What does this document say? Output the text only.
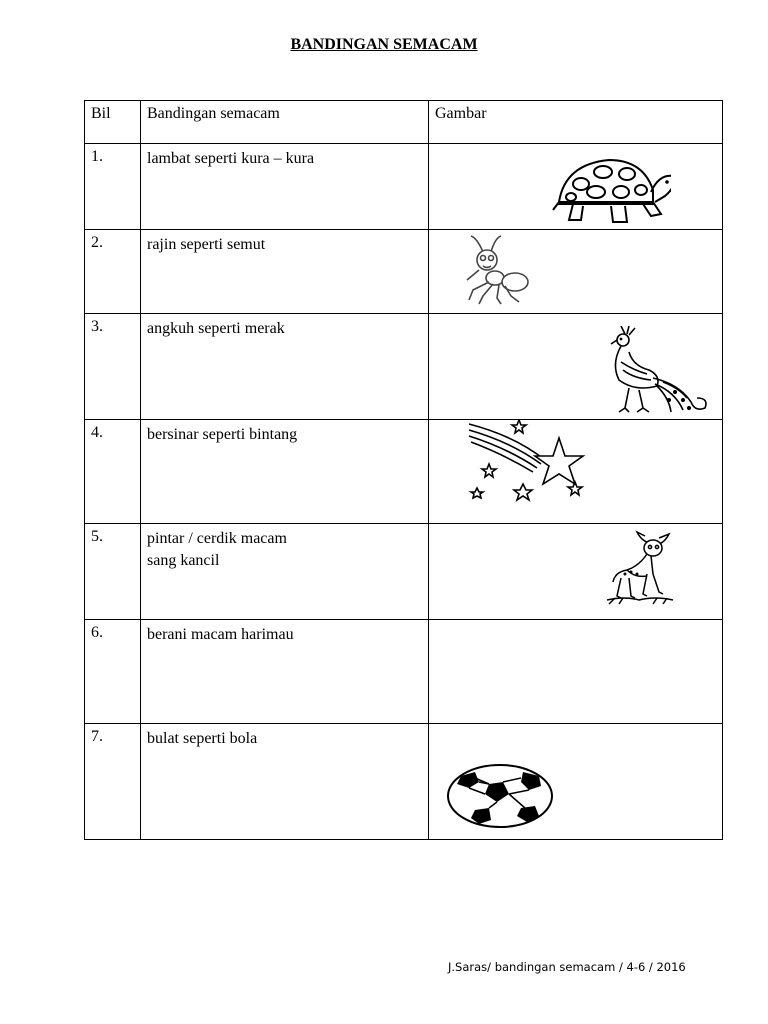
BANDINGAN SEMACAM
Bil	Bandingan semacam	Gambar
1.	lambat seperti kura – kura

2.	rajin seperti semut

3.	angkuh seperti merak

4.	bersinar seperti bintang

5.	pintar / cerdik macam
sang kancil

6.	berani macam harimau	

7.	bulat seperti bola

J.Saras/ bandingan semacam / 4-6 / 2016
